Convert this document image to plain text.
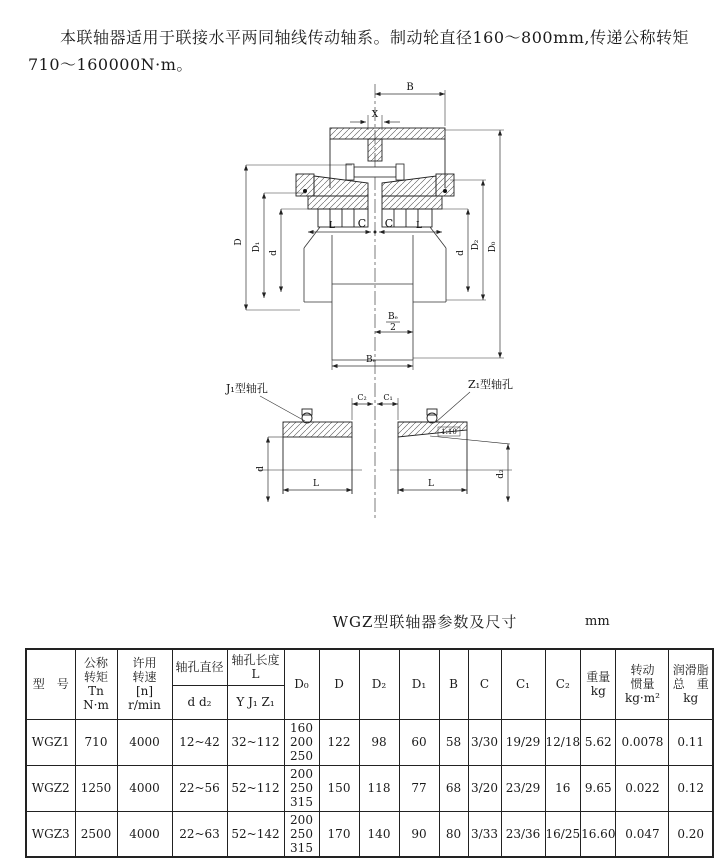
本联轴器适用于联接水平两同轴线传动轴系。制动轮直径160～800mm,传递公称转矩710～160000N·m。

B
X
L C C	L
D D₁
d	d
D₂ D₀
Bₑ
2
Bₑ
J₁型轴孔	Z₁型轴孔
C₂ C₁
d
L
1:10
d₂
L
WGZ型联轴器参数及尺寸	mm
型　号	公称
转矩
Tn
N·m	许用
转速
[n]
r/min	轴孔直径	轴孔长度
L	D₀	D	D₂	D₁	B	C	C₁	C₂	重量
kg	转动
惯量
kg·m²	润滑脂
总　重
kg

			d d₂	Y J₁ Z₁											
WGZ1	710	4000	12~42	32~112	160
200
250	122	98	60	58	3/30	19/29	12/18	5.62	0.0078	0.11
WGZ2	1250	4000	22~56	52~112	200
250
315	150	118	77	68	3/20	23/29	16	9.65	0.022	0.12
WGZ3	2500	4000	22~63	52~142	200
250
315	170	140	90	80	3/33	23/36	16/25	16.60	0.047	0.20
